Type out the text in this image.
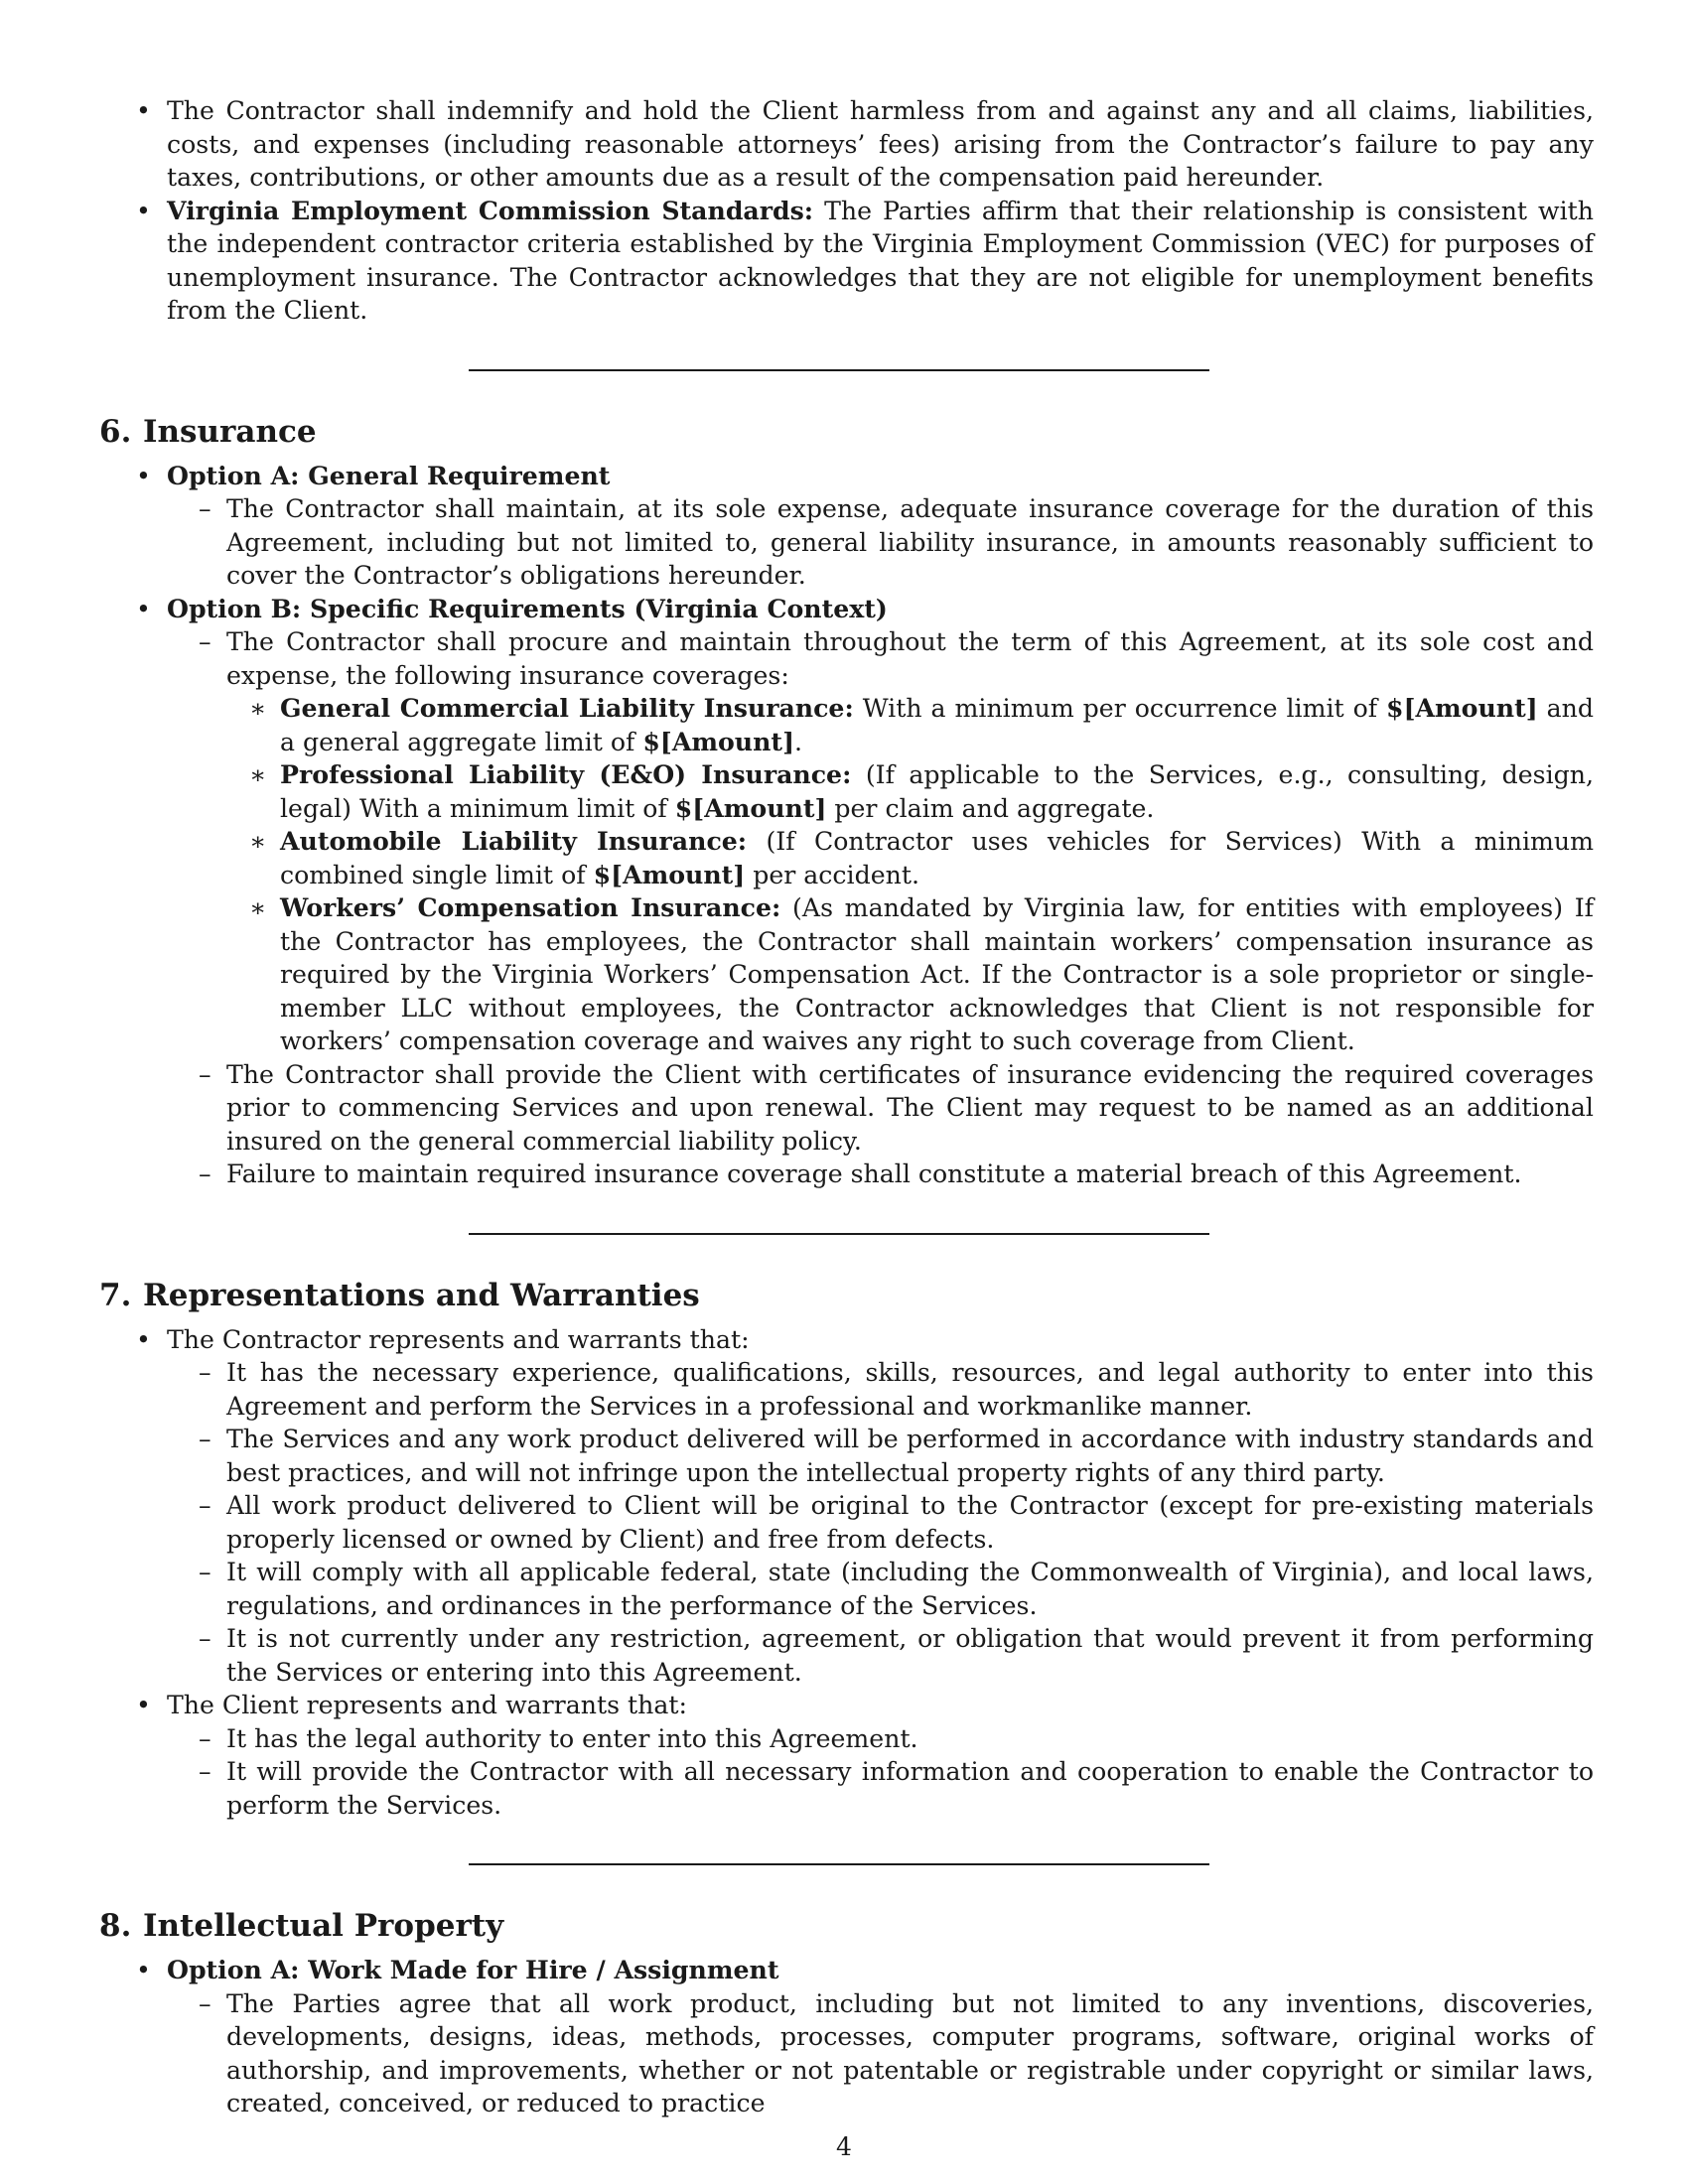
• The Contractor shall indemnify and hold the Client harmless from and against any and all claims, liabilities, costs, and expenses (including reasonable attorneys’ fees) arising from the Contractor’s failure to pay any taxes, contributions, or other amounts due as a result of the compensation paid hereunder.

• Virginia Employment Commission Standards: The Parties affirm that their relationship is consistent with the independent contractor criteria established by the Virginia Employment Commission (VEC) for purposes of unemployment insurance. The Contractor acknowledges that they are not eligible for unemployment benefits from the Client.

6. Insurance

• Option A: General Requirement

– The Contractor shall maintain, at its sole expense, adequate insurance coverage for the duration of this Agreement, including but not limited to, general liability insurance, in amounts reasonably sufficient to cover the Contractor’s obligations hereunder.

• Option B: Specific Requirements (Virginia Context)

– The Contractor shall procure and maintain throughout the term of this Agreement, at its sole cost and expense, the following insurance coverages:

∗ General Commercial Liability Insurance: With a minimum per occurrence limit of $[Amount] and a general aggregate limit of $[Amount].

∗ Professional Liability (E&O) Insurance: (If applicable to the Services, e.g., consulting, design, legal) With a minimum limit of $[Amount] per claim and aggregate.

∗ Automobile Liability Insurance: (If Contractor uses vehicles for Services) With a minimum combined single limit of $[Amount] per accident.

∗ Workers’ Compensation Insurance: (As mandated by Virginia law, for entities with employees) If the Contractor has employees, the Contractor shall maintain workers’ compensation insurance as required by the Virginia Workers’ Compensation Act. If the Contractor is a sole proprietor or single-member LLC without employees, the Contractor acknowledges that Client is not responsible for workers’ compensation coverage and waives any right to such coverage from Client.

– The Contractor shall provide the Client with certificates of insurance evidencing the required coverages prior to commencing Services and upon renewal. The Client may request to be named as an additional insured on the general commercial liability policy.

– Failure to maintain required insurance coverage shall constitute a material breach of this Agreement.

7. Representations and Warranties

• The Contractor represents and warrants that:

– It has the necessary experience, qualifications, skills, resources, and legal authority to enter into this Agreement and perform the Services in a professional and workmanlike manner.

– The Services and any work product delivered will be performed in accordance with industry standards and best practices, and will not infringe upon the intellectual property rights of any third party.

– All work product delivered to Client will be original to the Contractor (except for pre-existing materials properly licensed or owned by Client) and free from defects.

– It will comply with all applicable federal, state (including the Commonwealth of Virginia), and local laws, regulations, and ordinances in the performance of the Services.

– It is not currently under any restriction, agreement, or obligation that would prevent it from performing the Services or entering into this Agreement.

• The Client represents and warrants that:

– It has the legal authority to enter into this Agreement.

– It will provide the Contractor with all necessary information and cooperation to enable the Contractor to perform the Services.

8. Intellectual Property

• Option A: Work Made for Hire / Assignment

– The Parties agree that all work product, including but not limited to any inventions, discoveries, developments, designs, ideas, methods, processes, computer programs, software, original works of authorship, and improvements, whether or not patentable or registrable under copyright or similar laws, created, conceived, or reduced to practice

4
